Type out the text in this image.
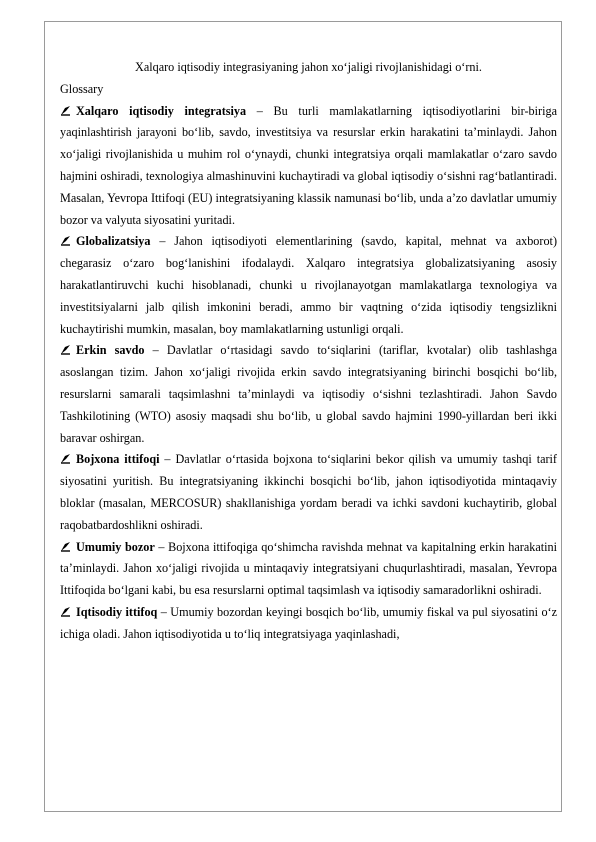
Xalqaro iqtisodiy integrasiyaning jahon xo‘jaligi rivojlanishidagi o‘rni.

Glossary

Xalqaro iqtisodiy integratsiya – Bu turli mamlakatlarning iqtisodiyotlarini bir-biriga yaqinlashtirish jarayoni bo‘lib, savdo, investitsiya va resurslar erkin harakatini ta’minlaydi. Jahon xo‘jaligi rivojlanishida u muhim rol o‘ynaydi, chunki integratsiya orqali mamlakatlar o‘zaro savdo hajmini oshiradi, texnologiya almashinuvini kuchaytiradi va global iqtisodiy o‘sishni rag‘batlantiradi. Masalan, Yevropa Ittifoqi (EU) integratsiyaning klassik namunasi bo‘lib, unda a’zo davlatlar umumiy bozor va valyuta siyosatini yuritadi.

Globalizatsiya – Jahon iqtisodiyoti elementlarining (savdo, kapital, mehnat va axborot) chegarasiz o‘zaro bog‘lanishini ifodalaydi. Xalqaro integratsiya globalizatsiyaning asosiy harakatlantiruvchi kuchi hisoblanadi, chunki u rivojlanayotgan mamlakatlarga texnologiya va investitsiyalarni jalb qilish imkonini beradi, ammo bir vaqtning o‘zida iqtisodiy tengsizlikni kuchaytirishi mumkin, masalan, boy mamlakatlarning ustunligi orqali.

Erkin savdo – Davlatlar o‘rtasidagi savdo to‘siqlarini (tariflar, kvotalar) olib tashlashga asoslangan tizim. Jahon xo‘jaligi rivojida erkin savdo integratsiyaning birinchi bosqichi bo‘lib, resurslarni samarali taqsimlashni ta’minlaydi va iqtisodiy o‘sishni tezlashtiradi. Jahon Savdo Tashkilotining (WTO) asosiy maqsadi shu bo‘lib, u global savdo hajmini 1990-yillardan beri ikki baravar oshirgan.

Bojxona ittifoqi – Davlatlar o‘rtasida bojxona to‘siqlarini bekor qilish va umumiy tashqi tarif siyosatini yuritish. Bu integratsiyaning ikkinchi bosqichi bo‘lib, jahon iqtisodiyotida mintaqaviy bloklar (masalan, MERCOSUR) shakllanishiga yordam beradi va ichki savdoni kuchaytirib, global raqobatbardoshlikni oshiradi.

Umumiy bozor – Bojxona ittifoqiga qo‘shimcha ravishda mehnat va kapitalning erkin harakatini ta’minlaydi. Jahon xo‘jaligi rivojida u mintaqaviy integratsiyani chuqurlashtiradi, masalan, Yevropa Ittifoqida bo‘lgani kabi, bu esa resurslarni optimal taqsimlash va iqtisodiy samaradorlikni oshiradi.

Iqtisodiy ittifoq – Umumiy bozordan keyingi bosqich bo‘lib, umumiy fiskal va pul siyosatini o‘z ichiga oladi. Jahon iqtisodiyotida u to‘liq integratsiyaga yaqinlashadi,
